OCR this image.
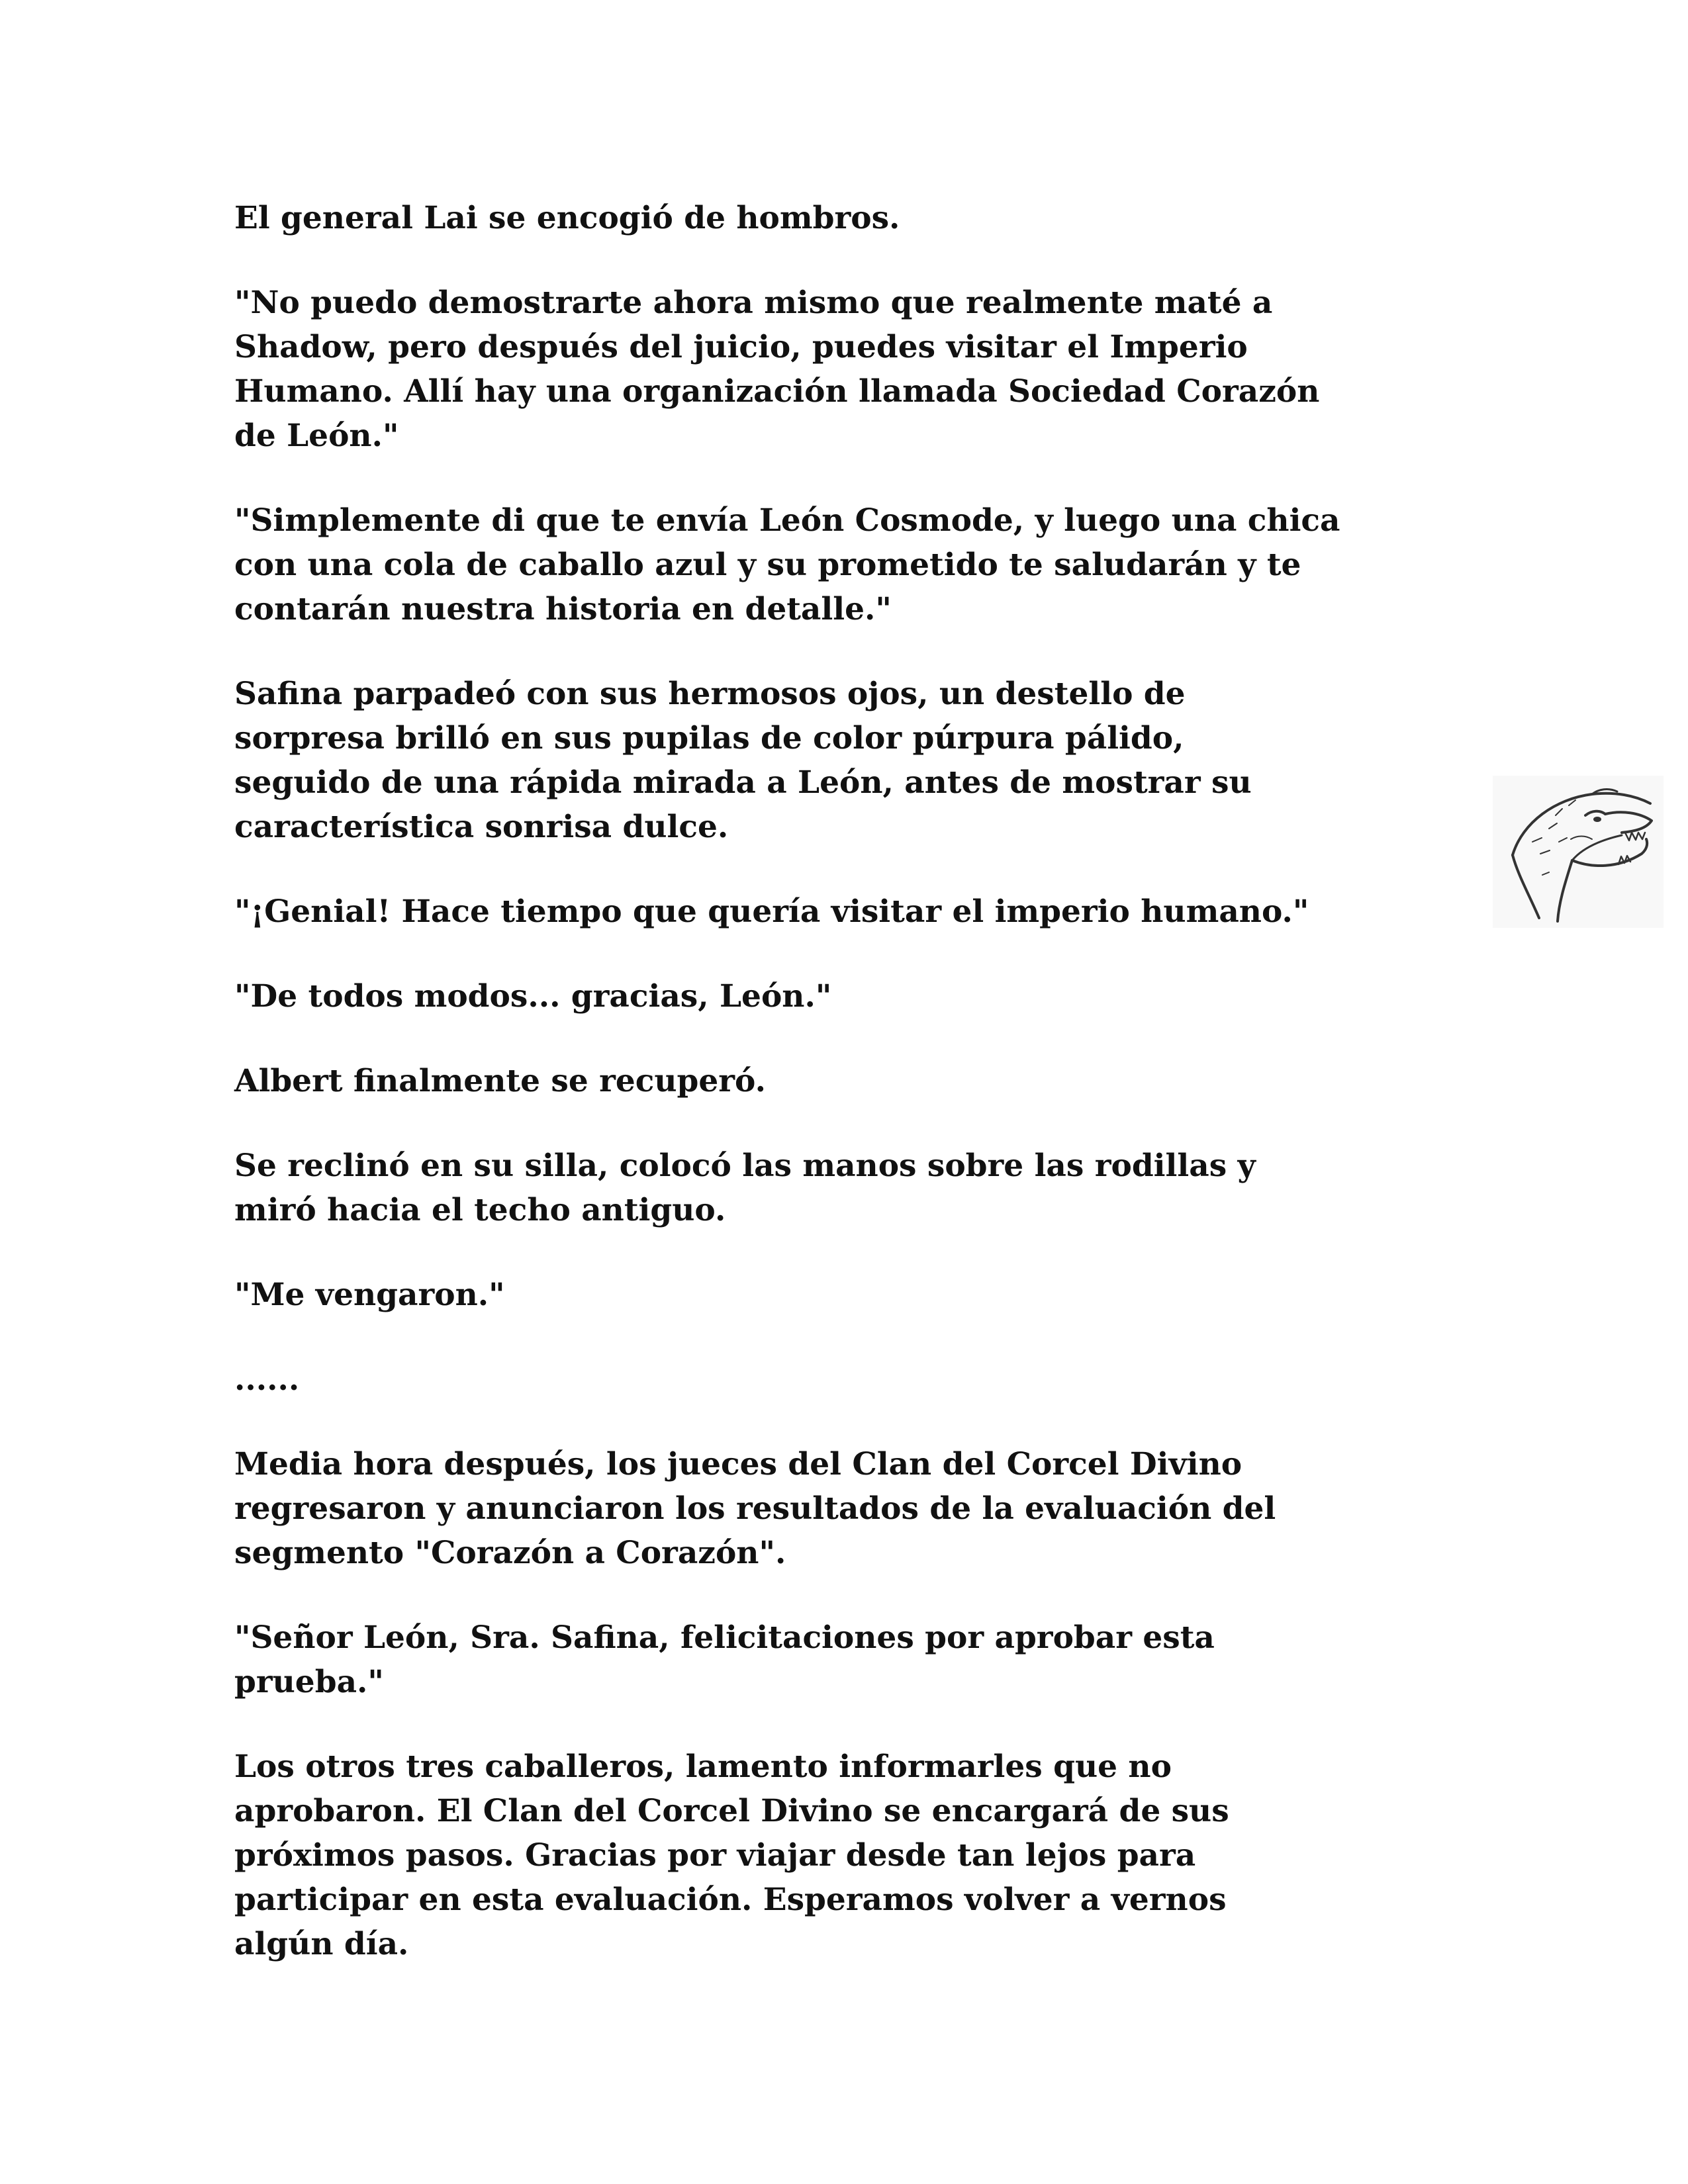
El general Lai se encogió de hombros.

"No puedo demostrarte ahora mismo que realmente maté a
Shadow, pero después del juicio, puedes visitar el Imperio
Humano. Allí hay una organización llamada Sociedad Corazón
de León."

"Simplemente di que te envía León Cosmode, y luego una chica
con una cola de caballo azul y su prometido te saludarán y te
contarán nuestra historia en detalle."

Safina parpadeó con sus hermosos ojos, un destello de
sorpresa brilló en sus pupilas de color púrpura pálido,
seguido de una rápida mirada a León, antes de mostrar su
característica sonrisa dulce.

"¡Genial! Hace tiempo que quería visitar el imperio humano."

"De todos modos... gracias, León."

Albert finalmente se recuperó.

Se reclinó en su silla, colocó las manos sobre las rodillas y
miró hacia el techo antiguo.

"Me vengaron."

......

Media hora después, los jueces del Clan del Corcel Divino
regresaron y anunciaron los resultados de la evaluación del
segmento "Corazón a Corazón".

"Señor León, Sra. Safina, felicitaciones por aprobar esta
prueba."

Los otros tres caballeros, lamento informarles que no
aprobaron. El Clan del Corcel Divino se encargará de sus
próximos pasos. Gracias por viajar desde tan lejos para
participar en esta evaluación. Esperamos volver a vernos
algún día.
